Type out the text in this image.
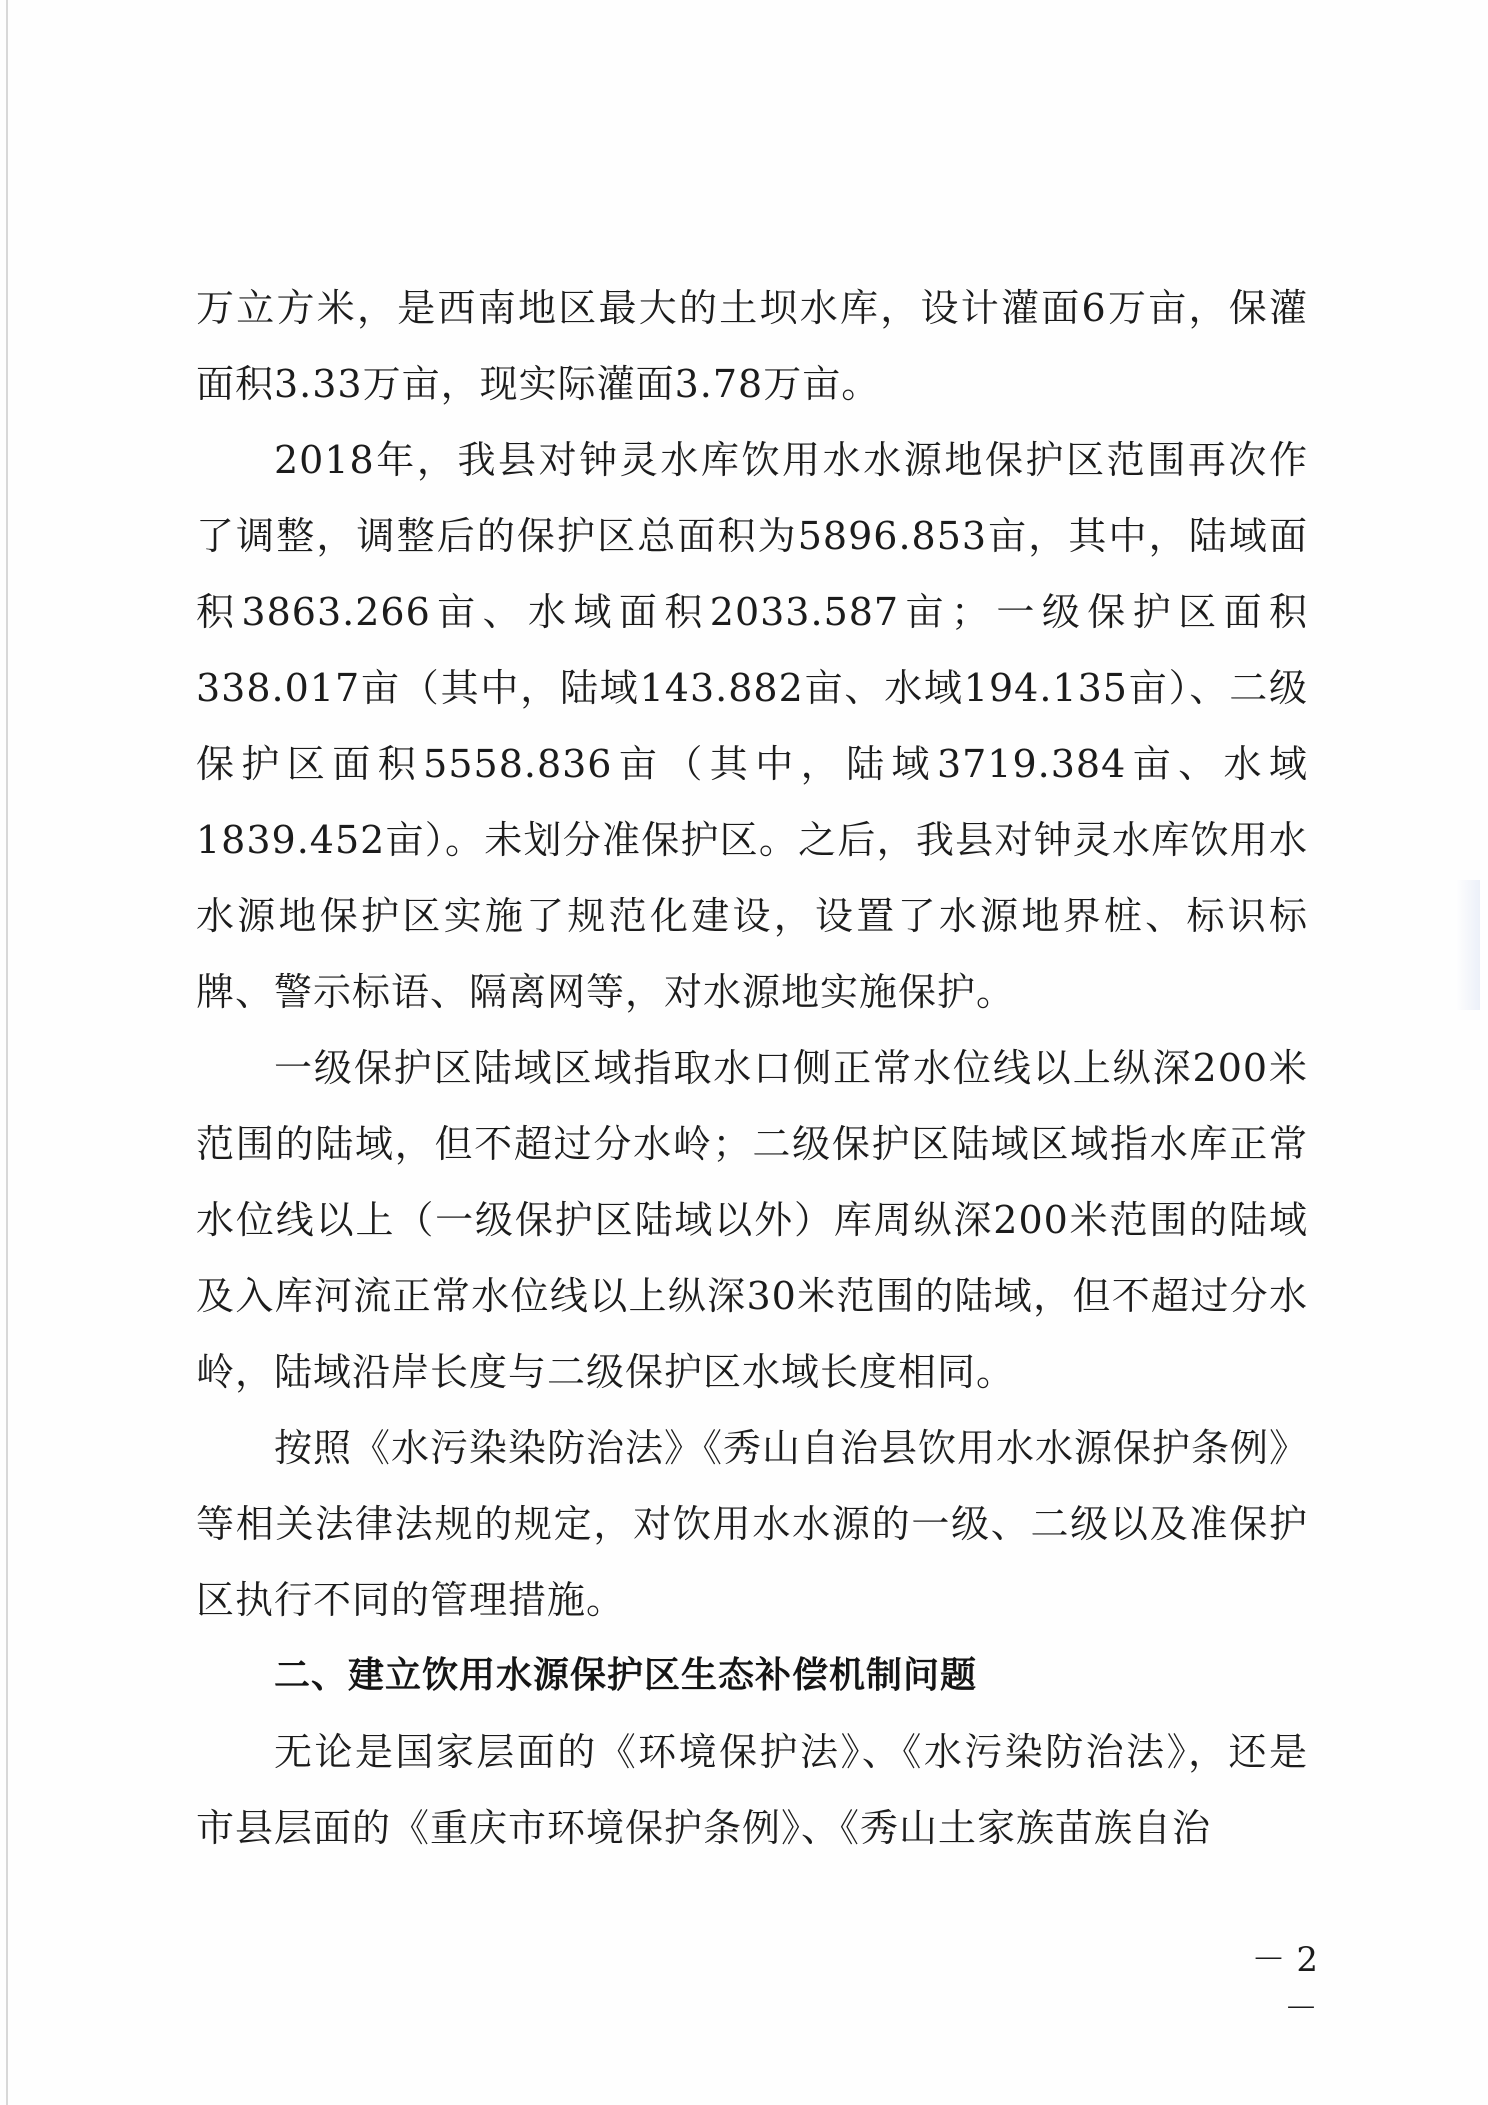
万立方米，是西南地区最大的土坝水库，设计灌面6万亩，保灌面积3.33万亩，现实际灌面3.78万亩。

2018年，我县对钟灵水库饮用水水源地保护区范围再次作了调整，调整后的保护区总面积为5896.853亩，其中，陆域面积3863.266亩、水域面积2033.587亩；一级保护区面积338.017亩（其中，陆域143.882亩、水域194.135亩）、二级保护区面积5558.836亩（其中，陆域3719.384亩、水域1839.452亩）。未划分准保护区。之后，我县对钟灵水库饮用水水源地保护区实施了规范化建设，设置了水源地界桩、标识标牌、警示标语、隔离网等，对水源地实施保护。

一级保护区陆域区域指取水口侧正常水位线以上纵深200米范围的陆域，但不超过分水岭；二级保护区陆域区域指水库正常水位线以上（一级保护区陆域以外）库周纵深200米范围的陆域及入库河流正常水位线以上纵深30米范围的陆域，但不超过分水岭，陆域沿岸长度与二级保护区水域长度相同。

按照《水污染染防治法》《秀山自治县饮用水水源保护条例》等相关法律法规的规定，对饮用水水源的一级、二级以及准保护区执行不同的管理措施。

二、建立饮用水源保护区生态补偿机制问题

无论是国家层面的《环境保护法》、《水污染防治法》，还是市县层面的《重庆市环境保护条例》、《秀山土家族苗族自治

－ 2 －
